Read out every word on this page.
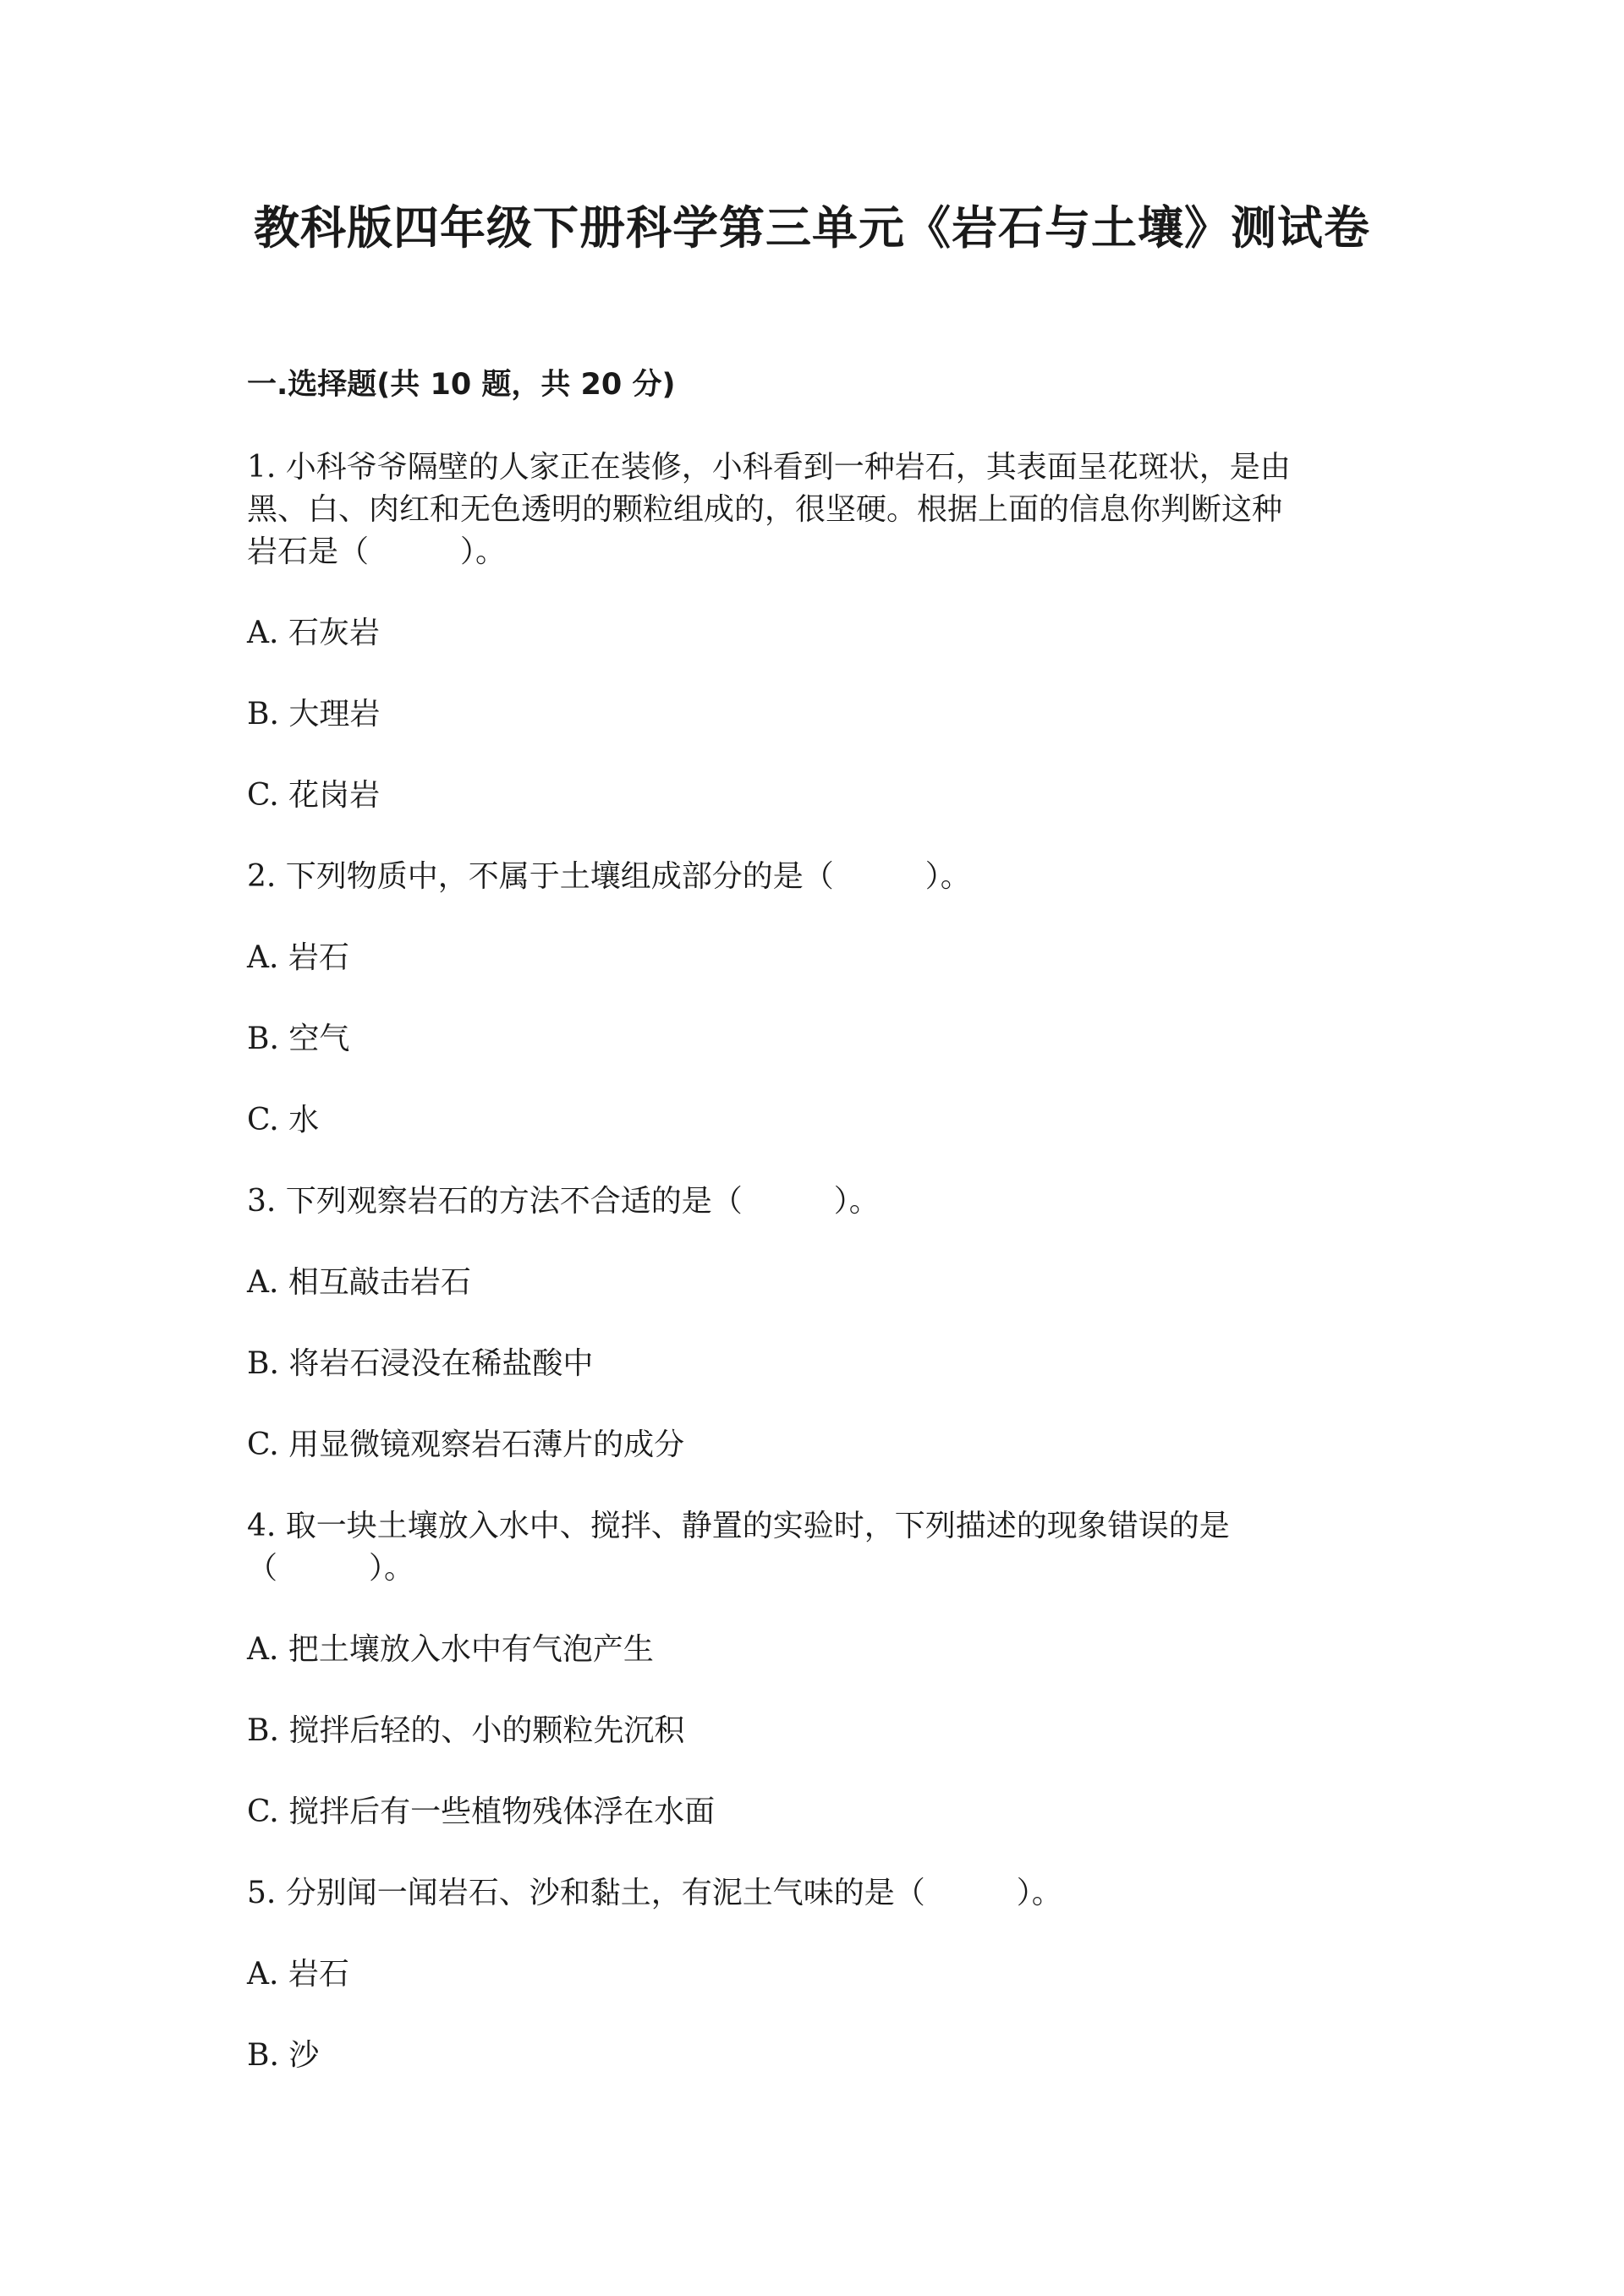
教科版四年级下册科学第三单元《岩石与土壤》测试卷
一.选择题(共 10 题，共 20 分)
1. 小科爷爷隔壁的人家正在装修，小科看到一种岩石，其表面呈花斑状，是由
黑、白、肉红和无色透明的颗粒组成的，很坚硬。根据上面的信息你判断这种
岩石是（　　　）。
A. 石灰岩
B. 大理岩
C. 花岗岩
2. 下列物质中，不属于土壤组成部分的是（　　　）。
A. 岩石
B. 空气
C. 水
3. 下列观察岩石的方法不合适的是（　　　）。
A. 相互敲击岩石
B. 将岩石浸没在稀盐酸中
C. 用显微镜观察岩石薄片的成分
4. 取一块土壤放入水中、搅拌、静置的实验时，下列描述的现象错误的是
（　　　）。
A. 把土壤放入水中有气泡产生
B. 搅拌后轻的、小的颗粒先沉积
C. 搅拌后有一些植物残体浮在水面
5. 分别闻一闻岩石、沙和黏土，有泥土气味的是（　　　）。
A. 岩石
B. 沙
